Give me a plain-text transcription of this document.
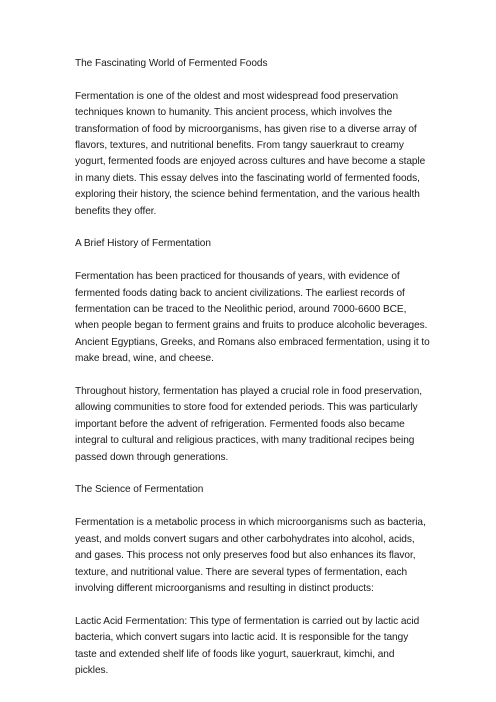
The Fascinating World of Fermented Foods

Fermentation is one of the oldest and most widespread food preservation techniques known to humanity. This ancient process, which involves the transformation of food by microorganisms, has given rise to a diverse array of flavors, textures, and nutritional benefits. From tangy sauerkraut to creamy yogurt, fermented foods are enjoyed across cultures and have become a staple in many diets. This essay delves into the fascinating world of fermented foods, exploring their history, the science behind fermentation, and the various health benefits they offer.

A Brief History of Fermentation

Fermentation has been practiced for thousands of years, with evidence of fermented foods dating back to ancient civilizations. The earliest records of fermentation can be traced to the Neolithic period, around 7000-6600 BCE, when people began to ferment grains and fruits to produce alcoholic beverages. Ancient Egyptians, Greeks, and Romans also embraced fermentation, using it to make bread, wine, and cheese.

Throughout history, fermentation has played a crucial role in food preservation, allowing communities to store food for extended periods. This was particularly important before the advent of refrigeration. Fermented foods also became integral to cultural and religious practices, with many traditional recipes being passed down through generations.

The Science of Fermentation

Fermentation is a metabolic process in which microorganisms such as bacteria, yeast, and molds convert sugars and other carbohydrates into alcohol, acids, and gases. This process not only preserves food but also enhances its flavor, texture, and nutritional value. There are several types of fermentation, each involving different microorganisms and resulting in distinct products:

Lactic Acid Fermentation: This type of fermentation is carried out by lactic acid bacteria, which convert sugars into lactic acid. It is responsible for the tangy taste and extended shelf life of foods like yogurt, sauerkraut, kimchi, and pickles.
